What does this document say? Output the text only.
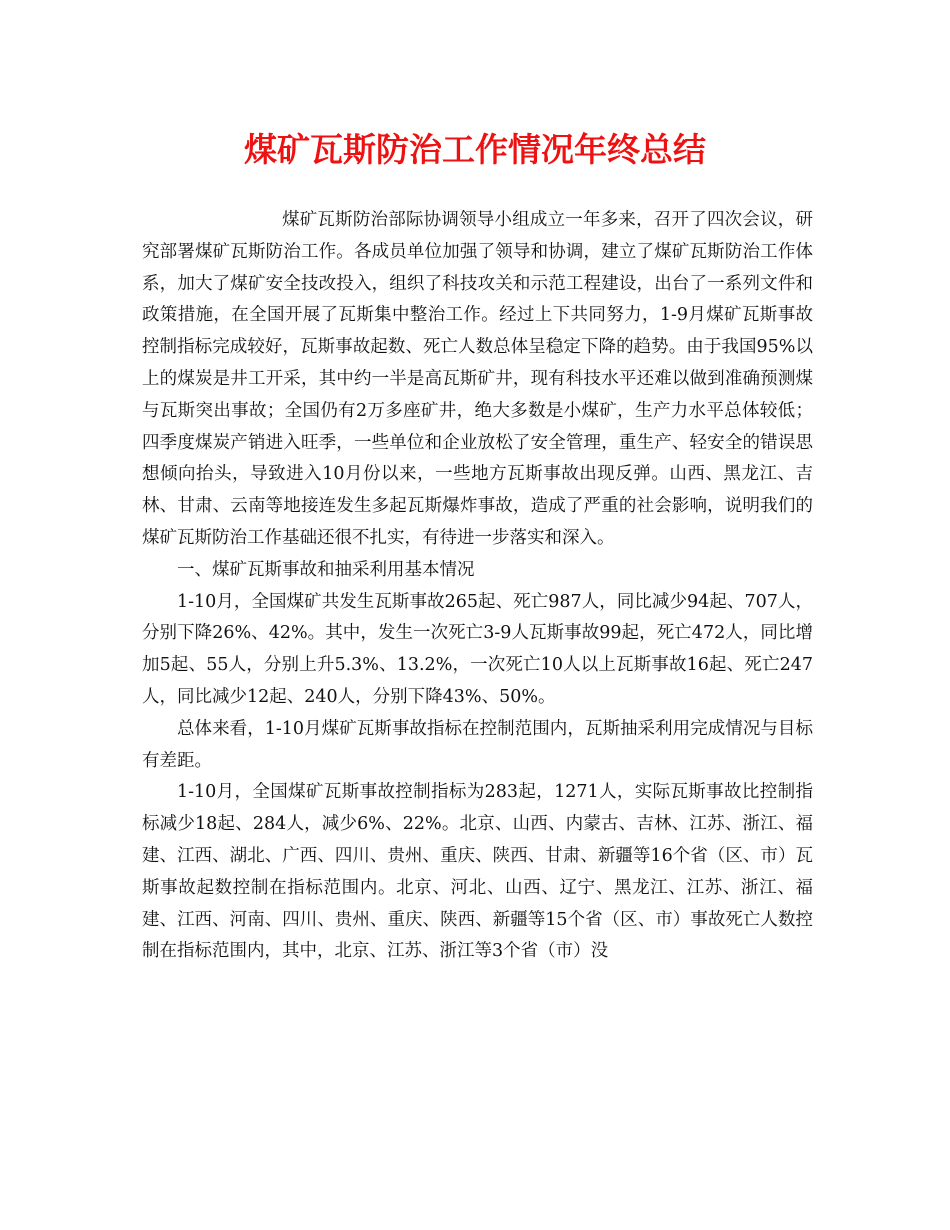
煤矿瓦斯防治工作情况年终总结

煤矿瓦斯防治部际协调领导小组成立一年多来，召开了四次会议，研究部署煤矿瓦斯防治工作。各成员单位加强了领导和协调，建立了煤矿瓦斯防治工作体系，加大了煤矿安全技改投入，组织了科技攻关和示范工程建设，出台了一系列文件和政策措施，在全国开展了瓦斯集中整治工作。经过上下共同努力，1-9月煤矿瓦斯事故控制指标完成较好，瓦斯事故起数、死亡人数总体呈稳定下降的趋势。由于我国95%以上的煤炭是井工开采，其中约一半是高瓦斯矿井，现有科技水平还难以做到准确预测煤与瓦斯突出事故；全国仍有2万多座矿井，绝大多数是小煤矿，生产力水平总体较低；四季度煤炭产销进入旺季，一些单位和企业放松了安全管理，重生产、轻安全的错误思想倾向抬头，导致进入10月份以来，一些地方瓦斯事故出现反弹。山西、黑龙江、吉林、甘肃、云南等地接连发生多起瓦斯爆炸事故，造成了严重的社会影响，说明我们的煤矿瓦斯防治工作基础还很不扎实，有待进一步落实和深入。

一、煤矿瓦斯事故和抽采利用基本情况

1-10月，全国煤矿共发生瓦斯事故265起、死亡987人，同比减少94起、707人，分别下降26%、42%。其中，发生一次死亡3-9人瓦斯事故99起，死亡472人，同比增加5起、55人，分别上升5.3%、13.2%，一次死亡10人以上瓦斯事故16起、死亡247人，同比减少12起、240人，分别下降43%、50%。

总体来看，1-10月煤矿瓦斯事故指标在控制范围内，瓦斯抽采利用完成情况与目标有差距。

1-10月，全国煤矿瓦斯事故控制指标为283起，1271人，实际瓦斯事故比控制指标减少18起、284人，减少6%、22%。北京、山西、内蒙古、吉林、江苏、浙江、福建、江西、湖北、广西、四川、贵州、重庆、陕西、甘肃、新疆等16个省（区、市）瓦斯事故起数控制在指标范围内。北京、河北、山西、辽宁、黑龙江、江苏、浙江、福建、江西、河南、四川、贵州、重庆、陕西、新疆等15个省（区、市）事故死亡人数控制在指标范围内，其中，北京、江苏、浙江等3个省（市）没
